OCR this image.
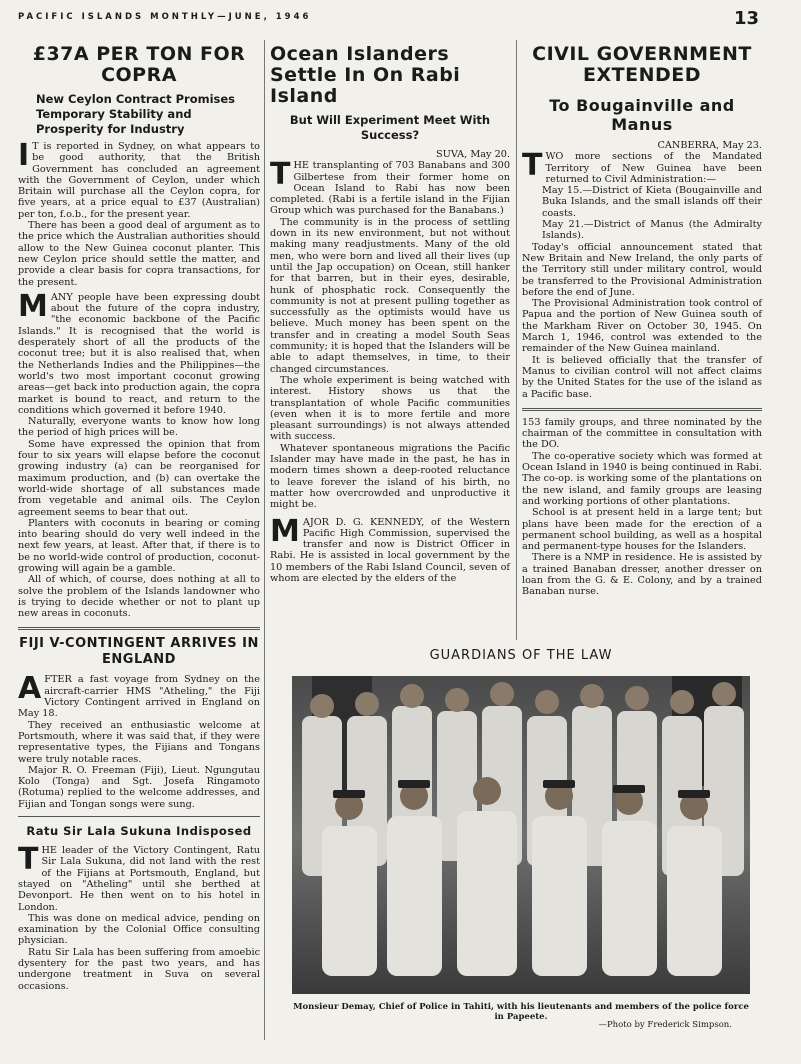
PACIFIC ISLANDS MONTHLY—JUNE, 1946	13
£37A PER TON FOR COPRA
New Ceylon Contract Promises Temporary Stability and Prosperity for Industry

I T is reported in Sydney, on what appears to be good authority, that the British Government has concluded an agreement with the Government of Ceylon, under which Britain will purchase all the Ceylon copra, for five years, at a price equal to £37 (Australian) per ton, f.o.b., for the present year.

There has been a good deal of argument as to the price which the Australian authorities should allow to the New Guinea coconut planter. This new Ceylon price should settle the matter, and provide a clear basis for copra transactions, for the present.

MANY people have been expressing doubt about the future of the copra industry, "the economic backbone of the Pacific Islands." It is recognised that the world is desperately short of all the products of the coconut tree; but it is also realised that, when the Netherlands Indies and the Philippines—the world's two most important coconut growing areas—get back into production again, the copra market is bound to react, and return to the conditions which governed it before 1940.

Naturally, everyone wants to know how long the period of high prices will be.

Some have expressed the opinion that from four to six years will elapse before the coconut growing industry (a) can be reorganised for maximum production, and (b) can overtake the world-wide shortage of all substances made from vegetable and animal oils. The Ceylon agreement seems to bear that out.

Planters with coconuts in bearing or coming into bearing should do very well indeed in the next few years, at least. After that, if there is to be no world-wide control of production, coconut-growing will again be a gamble.

All of which, of course, does nothing at all to solve the problem of the Islands landowner who is trying to decide whether or not to plant up new areas in coconuts.

FIJI V-CONTINGENT ARRIVES IN ENGLAND

AFTER a fast voyage from Sydney on the aircraft-carrier HMS "Atheling," the Fiji Victory Contingent arrived in England on May 18.

They received an enthusiastic welcome at Portsmouth, where it was said that, if they were representative types, the Fijians and Tongans were truly notable races.

Major R. O. Freeman (Fiji), Lieut. Ngungutau Kolo (Tonga) and Sgt. Josefa Ringamoto (Rotuma) replied to the welcome addresses, and Fijian and Tongan songs were sung.

Ratu Sir Lala Sukuna Indisposed

THE leader of the Victory Contingent, Ratu Sir Lala Sukuna, did not land with the rest of the Fijians at Portsmouth, England, but stayed on "Atheling" until she berthed at Devonport. He then went on to his hotel in London.

This was done on medical advice, pending on examination by the Colonial Office consulting physician.

Ratu Sir Lala has been suffering from amoebic dysentery for the past two years, and has undergone treatment in Suva on several occasions.

Ocean Islanders Settle In On Rabi Island
But Will Experiment Meet With Success?
SUVA, May 20.

THE transplanting of 703 Banabans and 300 Gilbertese from their former home on Ocean Island to Rabi has now been completed. (Rabi is a fertile island in the Fijian Group which was purchased for the Banabans.)

The community is in the process of settling down in its new environment, but not without making many readjustments. Many of the old men, who were born and lived all their lives (up until the Jap occupation) on Ocean, still hanker for that barren, but in their eyes, desirable, hunk of phosphatic rock. Consequently the community is not at present pulling together as successfully as the optimists would have us believe. Much money has been spent on the transfer and in creating a model South Seas community; it is hoped that the Islanders will be able to adapt themselves, in time, to their changed circumstances.

The whole experiment is being watched with interest. History shows us that the transplantation of whole Pacific communities (even when it is to more fertile and more pleasant surroundings) is not always attended with success.

Whatever spontaneous migrations the Pacific Islander may have made in the past, he has in modern times shown a deep-rooted reluctance to leave forever the island of his birth, no matter how overcrowded and unproductive it might be.

MAJOR D. G. KENNEDY, of the Western Pacific High Commission, supervised the transfer and now is District Officer in Rabi. He is assisted in local government by the 10 members of the Rabi Island Council, seven of whom are elected by the elders of the

CIVIL GOVERNMENT EXTENDED
To Bougainville and Manus
CANBERRA, May 23.

TWO more sections of the Mandated Territory of New Guinea have been returned to Civil Administration:—

May 15.—District of Kieta (Bougainville and Buka Islands, and the small islands off their coasts.

May 21.—District of Manus (the Admiralty Islands).

Today's official announcement stated that New Britain and New Ireland, the only parts of the Territory still under military control, would be transferred to the Provisional Administration before the end of June.

The Provisional Administration took control of Papua and the portion of New Guinea south of the Markham River on October 30, 1945. On March 1, 1946, control was extended to the remainder of the New Guinea mainland.

It is believed officially that the transfer of Manus to civilian control will not affect claims by the United States for the use of the island as a Pacific base.

153 family groups, and three nominated by the chairman of the committee in consultation with the DO.

The co-operative society which was formed at Ocean Island in 1940 is being continued in Rabi. The co-op. is working some of the plantations on the new island, and family groups are leasing and working portions of other plantations.

School is at present held in a large tent; but plans have been made for the erection of a permanent school building, as well as a hospital and permanent-type houses for the Islanders.

There is a NMP in residence. He is assisted by a trained Banaban dresser, another dresser on loan from the G. & E. Colony, and by a trained Banaban nurse.

GUARDIANS OF THE LAW
Monsieur Demay, Chief of Police in Tahiti, with his lieutenants and members of the police force in Papeete.
—Photo by Frederick Simpson.
